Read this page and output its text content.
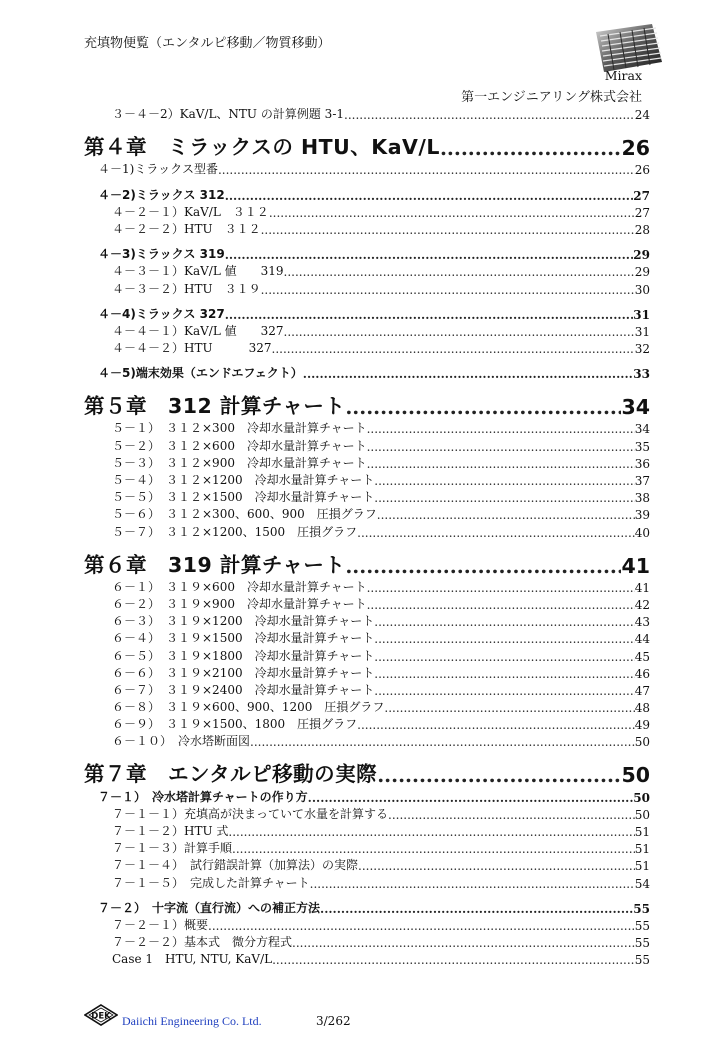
充填物便覧（エンタルピ移動／物質移動）
Mirax
第一エンジニアリング株式会社
３－４－2）KaV/L、NTU の計算例題 3-1 .....	24
第４章　ミラックスの HTU、KaV/L .....	26
４－1)ミラックス型番 .....	26
４－2)ミラックス 312 .....	27
４－２－１）KaV/L　３１２ .....	27
４－２－２）HTU　３１２ .....	28
４－3)ミラックス 319 .....	29
４－３－１）KaV/L 値　　319 .....	29
４－３－２）HTU　３１９ .....	30
４－4)ミラックス 327 .....	31
４－４－１）KaV/L 値　　327 .....	31
４－４－２）HTU　　　327 .....	32
４－5)端末効果（エンドエフェクト） .....	33
第５章　312 計算チャート .....	34
５－１）　３１２×300　冷却水量計算チャート .....	34
５－２）　３１２×600　冷却水量計算チャート .....	35
５－３）　３１２×900　冷却水量計算チャート .....	36
５－４）　３１２×1200　冷却水量計算チャート .....	37
５－５）　３１２×1500　冷却水量計算チャート .....	38
５－６）　３１２×300、600、900　圧損グラフ .....	39
５－７）　３１２×1200、1500　圧損グラフ .....	40
第６章　319 計算チャート .....	41
６－１）　３１９×600　冷却水量計算チャート .....	41
６－２）　３１９×900　冷却水量計算チャート .....	42
６－３）　３１９×1200　冷却水量計算チャート .....	43
６－４）　３１９×1500　冷却水量計算チャート .....	44
６－５）　３１９×1800　冷却水量計算チャート .....	45
６－６）　３１９×2100　冷却水量計算チャート .....	46
６－７）　３１９×2400　冷却水量計算チャート .....	47
６－８）　３１９×600、900、1200　圧損グラフ .....	48
６－９）　３１９×1500、1800　圧損グラフ .....	49
６－１０）　冷水塔断面図 .....	50
第７章　エンタルピ移動の実際 .....	50
７－１）　冷水塔計算チャートの作り方 .....	50
７－１－１）充填高が決まっていて水量を計算する .....	50
７－１－２）HTU 式 .....	51
７－１－３）計算手順 .....	51
７－１－４）　試行錯誤計算（加算法）の実際 .....	51
７－１－５）　完成した計算チャート .....	54
７－２）　十字流（直行流）への補正方法 .....	55
７－２－１）概要 .....	55
７－２－２）基本式　微分方程式 .....	55
Case 1　HTU, NTU, KaV/L .....	55
DEK Daiichi Engineering Co. Ltd.	3/262
